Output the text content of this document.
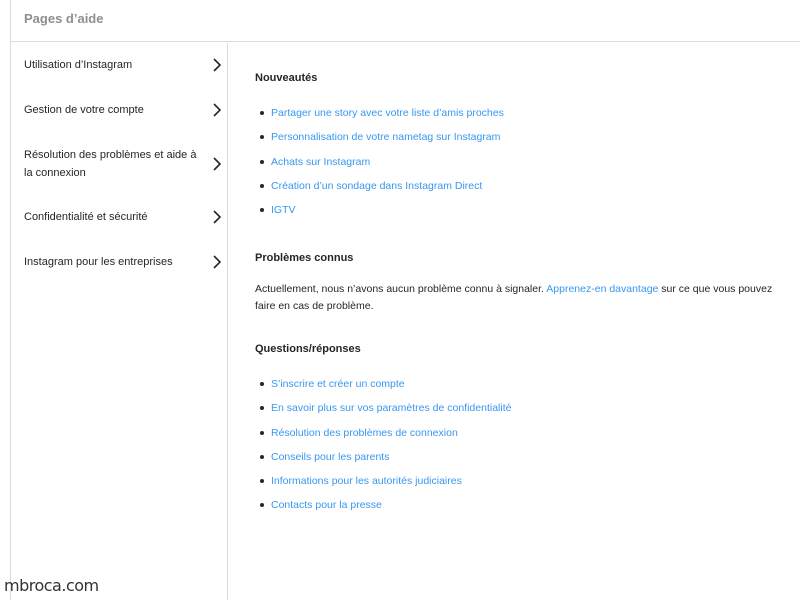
Pages d’aide
Utilisation d’Instagram
Gestion de votre compte
Résolution des problèmes et aide à la connexion
Confidentialité et sécurité
Instagram pour les entreprises
Nouveautés
Partager une story avec votre liste d’amis proches
Personnalisation de votre nametag sur Instagram
Achats sur Instagram
Création d’un sondage dans Instagram Direct
IGTV
Problèmes connus
Actuellement, nous n’avons aucun problème connu à signaler. Apprenez-en davantage sur ce que vous pouvez faire en cas de problème.
Questions/réponses
S’inscrire et créer un compte
En savoir plus sur vos paramètres de confidentialité
Résolution des problèmes de connexion
Conseils pour les parents
Informations pour les autorités judiciaires
Contacts pour la presse
mbroca.com
